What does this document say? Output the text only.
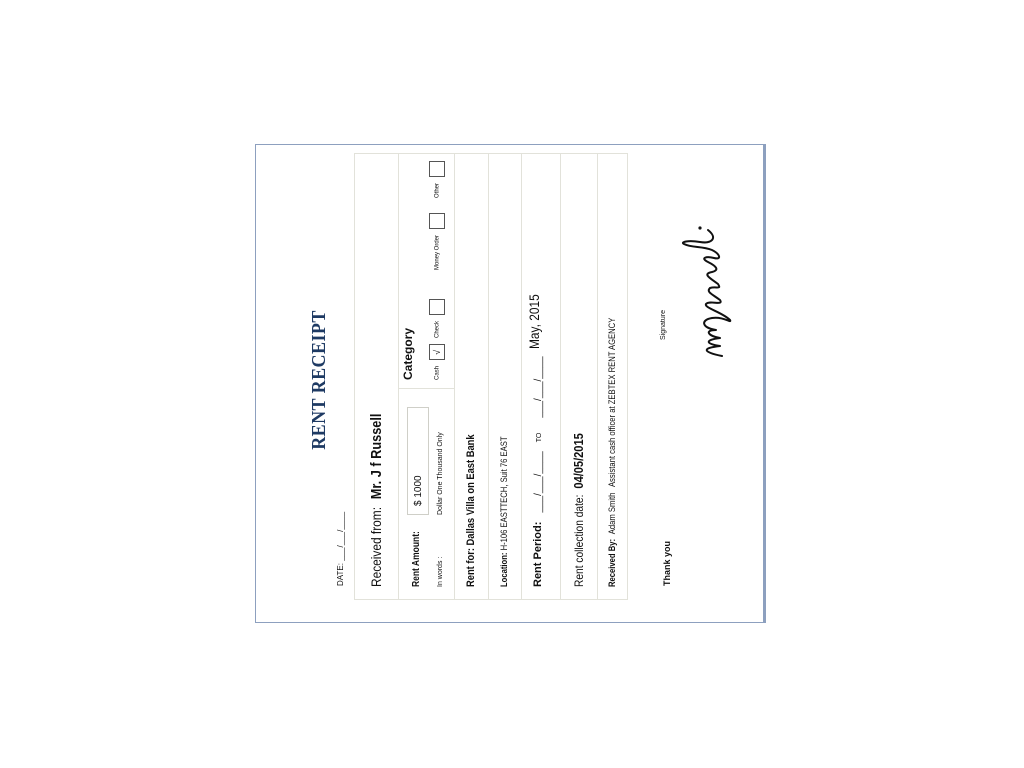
RENT RECEIPT
DATE: ___/___/____ Received from: Mr. J f Russell
Rent Amount:
$ 1000
In words :
Dollar One Thousand Only
Category	Cash √
Check
Money Order
Other
Rent for: Dallas Villa on East Bank Location: H-106 EASTTECH, Suit 76 EAST
Rent Period: ___/___/____ TO ___/___/____
May, 2015
Rent collection date: 04/05/2015
Received By: Adam Smith Assistant cash officer at ZEBTEX RENT AGENCY
Thank you
Signature
